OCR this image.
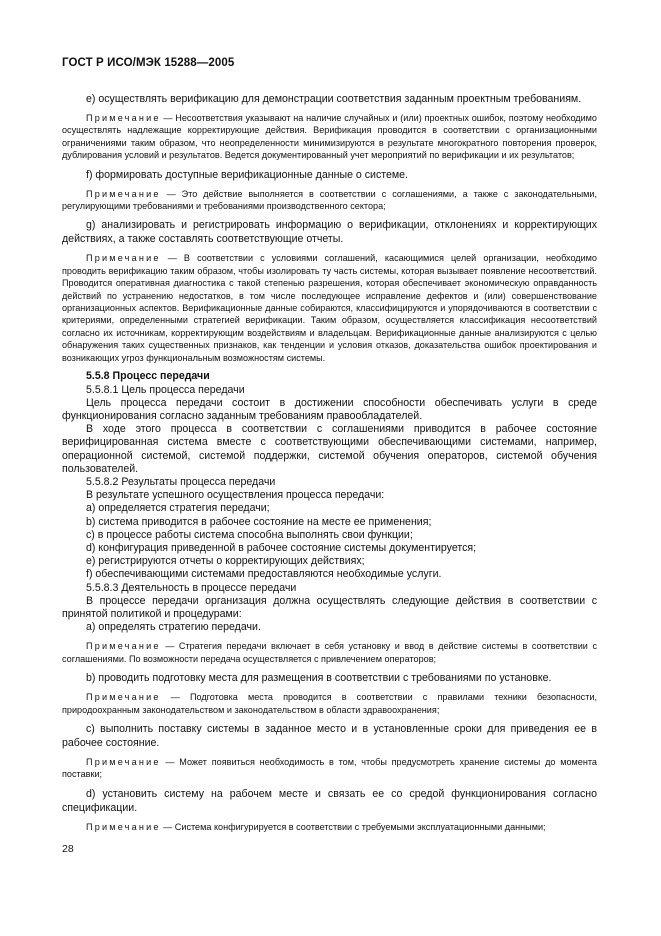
ГОСТ Р ИСО/МЭК 15288—2005

e) осуществлять верификацию для демонстрации соответствия заданным проектным требованиям.

Примечание — Несоответствия указывают на наличие случайных и (или) проектных ошибок, поэтому необходимо осуществлять надлежащие корректирующие действия. Верификация проводится в соответствии с организационными ограничениями таким образом, что неопределенности минимизируются в результате многократного повторения проверок, дублирования условий и результатов. Ведется документированный учет мероприятий по верификации и их результатов;

f) формировать доступные верификационные данные о системе.

Примечание — Это действие выполняется в соответствии с соглашениями, а также с законодательными, регулирующими требованиями и требованиями производственного сектора;

g) анализировать и регистрировать информацию о верификации, отклонениях и корректирующих действиях, а также составлять соответствующие отчеты.

Примечание — В соответствии с условиями соглашений, касающимися целей организации, необходимо проводить верификацию таким образом, чтобы изолировать ту часть системы, которая вызывает появление несоответствий. Проводится оперативная диагностика с такой степенью разрешения, которая обеспечивает экономическую оправданность действий по устранению недостатков, в том числе последующее исправление дефектов и (или) совершенствование организационных аспектов. Верификационные данные собираются, классифицируются и упорядочиваются в соответствии с критериями, определенными стратегией верификации. Таким образом, осуществляется классификация несоответствий согласно их источникам, корректирующим воздействиям и владельцам. Верификационные данные анализируются с целью обнаружения таких существенных признаков, как тенденции и условия отказов, доказательства ошибок проектирования и возникающих угроз функциональным возможностям системы.

5.5.8 Процесс передачи

5.5.8.1 Цель процесса передачи

Цель процесса передачи состоит в достижении способности обеспечивать услуги в среде функционирования согласно заданным требованиям правообладателей.

В ходе этого процесса в соответствии с соглашениями приводится в рабочее состояние верифицированная система вместе с соответствующими обеспечивающими системами, например, операционной системой, системой поддержки, системой обучения операторов, системой обучения пользователей.

5.5.8.2 Результаты процесса передачи

В результате успешного осуществления процесса передачи:

a) определяется стратегия передачи;

b) система приводится в рабочее состояние на месте ее применения;

c) в процессе работы система способна выполнять свои функции;

d) конфигурация приведенной в рабочее состояние системы документируется;

e) регистрируются отчеты о корректирующих действиях;

f) обеспечивающими системами предоставляются необходимые услуги.

5.5.8.3 Деятельность в процессе передачи

В процессе передачи организация должна осуществлять следующие действия в соответствии с принятой политикой и процедурами:

a) определять стратегию передачи.

Примечание — Стратегия передачи включает в себя установку и ввод в действие системы в соответствии с соглашениями. По возможности передача осуществляется с привлечением операторов;

b) проводить подготовку места для размещения в соответствии с требованиями по установке.

Примечание — Подготовка места проводится в соответствии с правилами техники безопасности, природоохранным законодательством и законодательством в области здравоохранения;

c) выполнить поставку системы в заданное место и в установленные сроки для приведения ее в рабочее состояние.

Примечание — Может появиться необходимость в том, чтобы предусмотреть хранение системы до момента поставки;

d) установить систему на рабочем месте и связать ее со средой функционирования согласно спецификации.

Примечание — Система конфигурируется в соответствии с требуемыми эксплуатационными данными;

28
